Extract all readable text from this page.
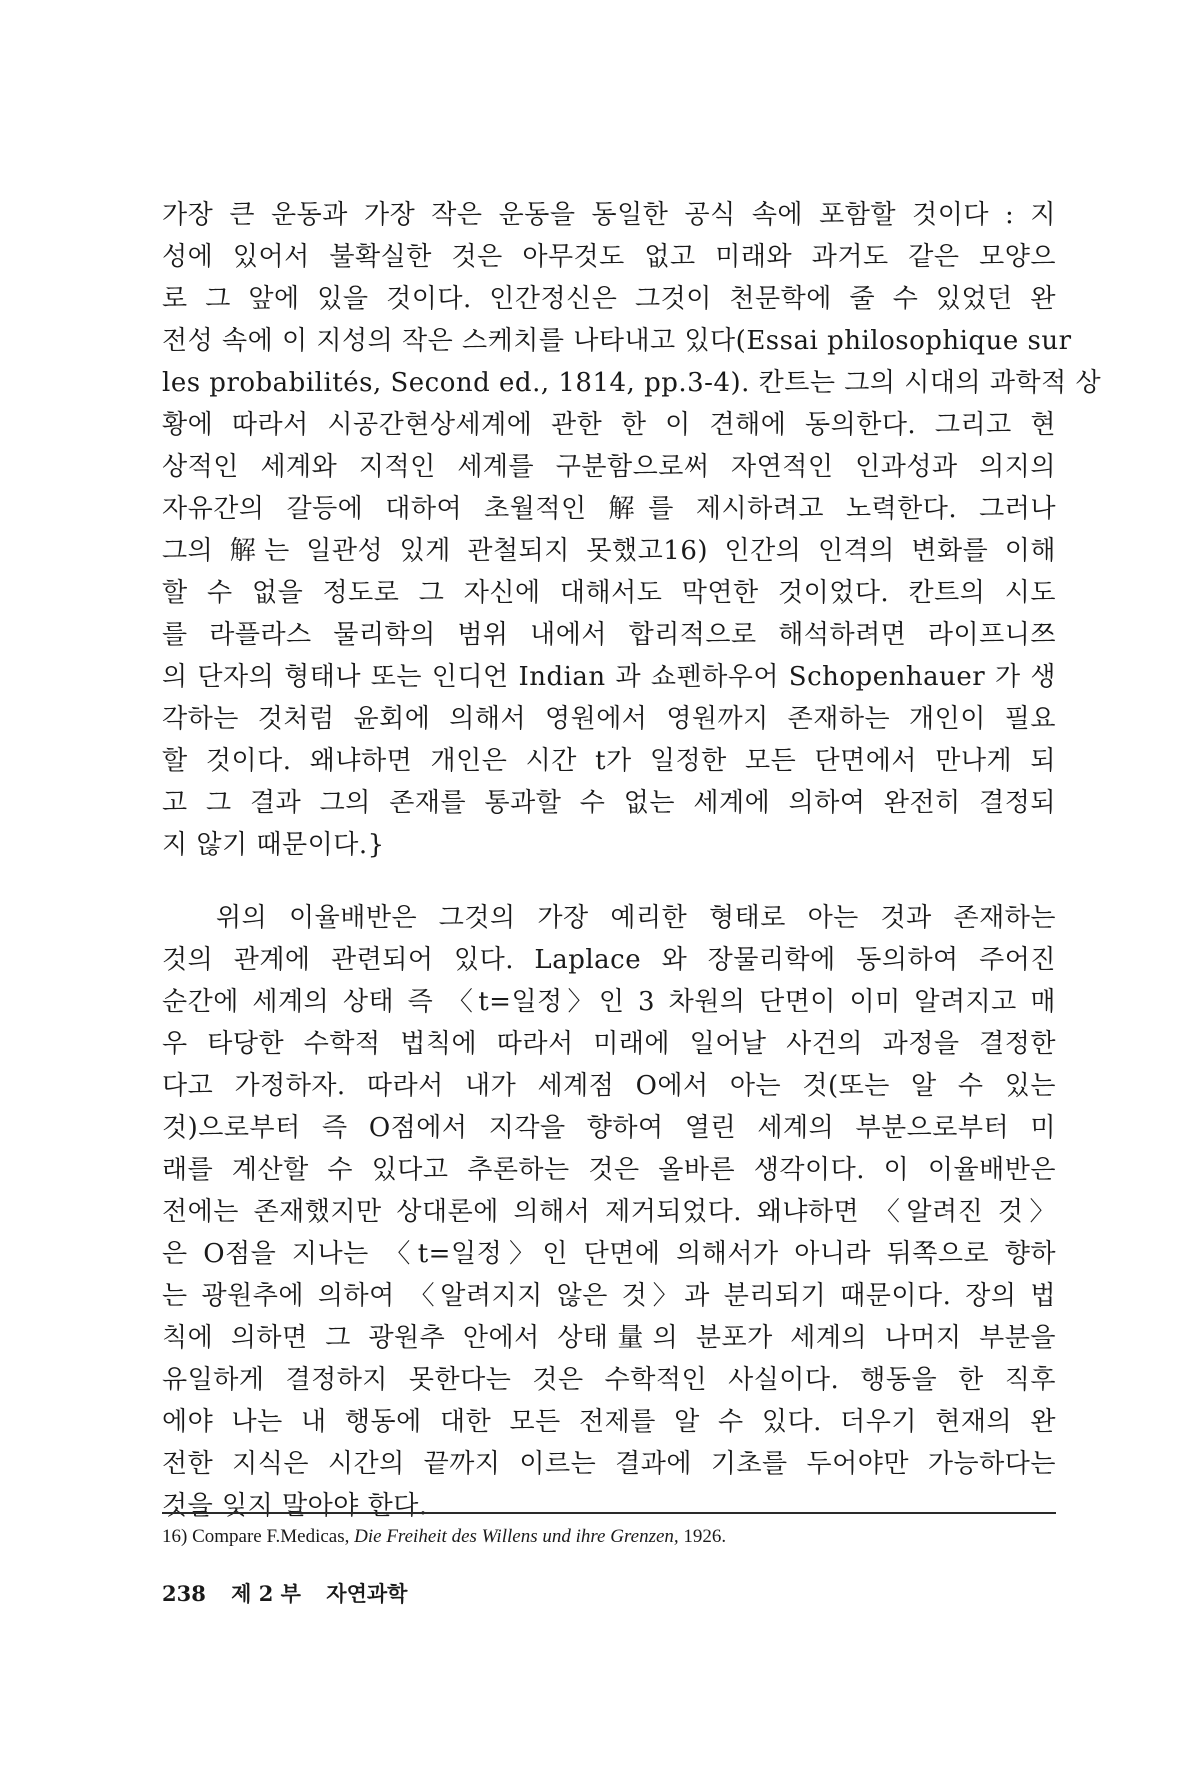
가장 큰 운동과 가장 작은 운동을 동일한 공식 속에 포함할 것이다 : 지
성에 있어서 불확실한 것은 아무것도 없고 미래와 과거도 같은 모양으
로 그 앞에 있을 것이다. 인간정신은 그것이 천문학에 줄 수 있었던 완
전성 속에 이 지성의 작은 스케치를 나타내고 있다(Essai philosophique sur
les probabilités, Second ed., 1814, pp.3-4). 칸트는 그의 시대의 과학적 상
황에 따라서 시공간현상세계에 관한 한 이 견해에 동의한다. 그리고 현
상적인 세계와 지적인 세계를 구분함으로써 자연적인 인과성과 의지의
자유간의 갈등에 대하여 초월적인 解를 제시하려고 노력한다. 그러나
그의 解는 일관성 있게 관철되지 못했고16) 인간의 인격의 변화를 이해
할 수 없을 정도로 그 자신에 대해서도 막연한 것이었다. 칸트의 시도
를 라플라스 물리학의 범위 내에서 합리적으로 해석하려면 라이프니쯔
의 단자의 형태나 또는 인디언 Indian 과 쇼펜하우어 Schopenhauer 가 생
각하는 것처럼 윤회에 의해서 영원에서 영원까지 존재하는 개인이 필요
할 것이다. 왜냐하면 개인은 시간 t가 일정한 모든 단면에서 만나게 되
고 그 결과 그의 존재를 통과할 수 없는 세계에 의하여 완전히 결정되
지 않기 때문이다.}
위의 이율배반은 그것의 가장 예리한 형태로 아는 것과 존재하는
것의 관계에 관련되어 있다. Laplace 와 장물리학에 동의하여 주어진
순간에 세계의 상태 즉 〈t=일정〉인 3 차원의 단면이 이미 알려지고 매
우 타당한 수학적 법칙에 따라서 미래에 일어날 사건의 과정을 결정한
다고 가정하자. 따라서 내가 세계점 O에서 아는 것(또는 알 수 있는
것)으로부터 즉 O점에서 지각을 향하여 열린 세계의 부분으로부터 미
래를 계산할 수 있다고 추론하는 것은 올바른 생각이다. 이 이율배반은
전에는 존재했지만 상대론에 의해서 제거되었다. 왜냐하면 〈알려진 것〉
은 O점을 지나는 〈t=일정〉인 단면에 의해서가 아니라 뒤쪽으로 향하
는 광원추에 의하여 〈알려지지 않은 것〉과 분리되기 때문이다. 장의 법
칙에 의하면 그 광원추 안에서 상태量의 분포가 세계의 나머지 부분을
유일하게 결정하지 못한다는 것은 수학적인 사실이다. 행동을 한 직후
에야 나는 내 행동에 대한 모든 전제를 알 수 있다. 더우기 현재의 완
전한 지식은 시간의 끝까지 이르는 결과에 기초를 두어야만 가능하다는
것을 잊지 말아야 한다.
16) Compare F.Medicas, Die Freiheit des Willens und ihre Grenzen, 1926.
238 제 2 부 자연과학
